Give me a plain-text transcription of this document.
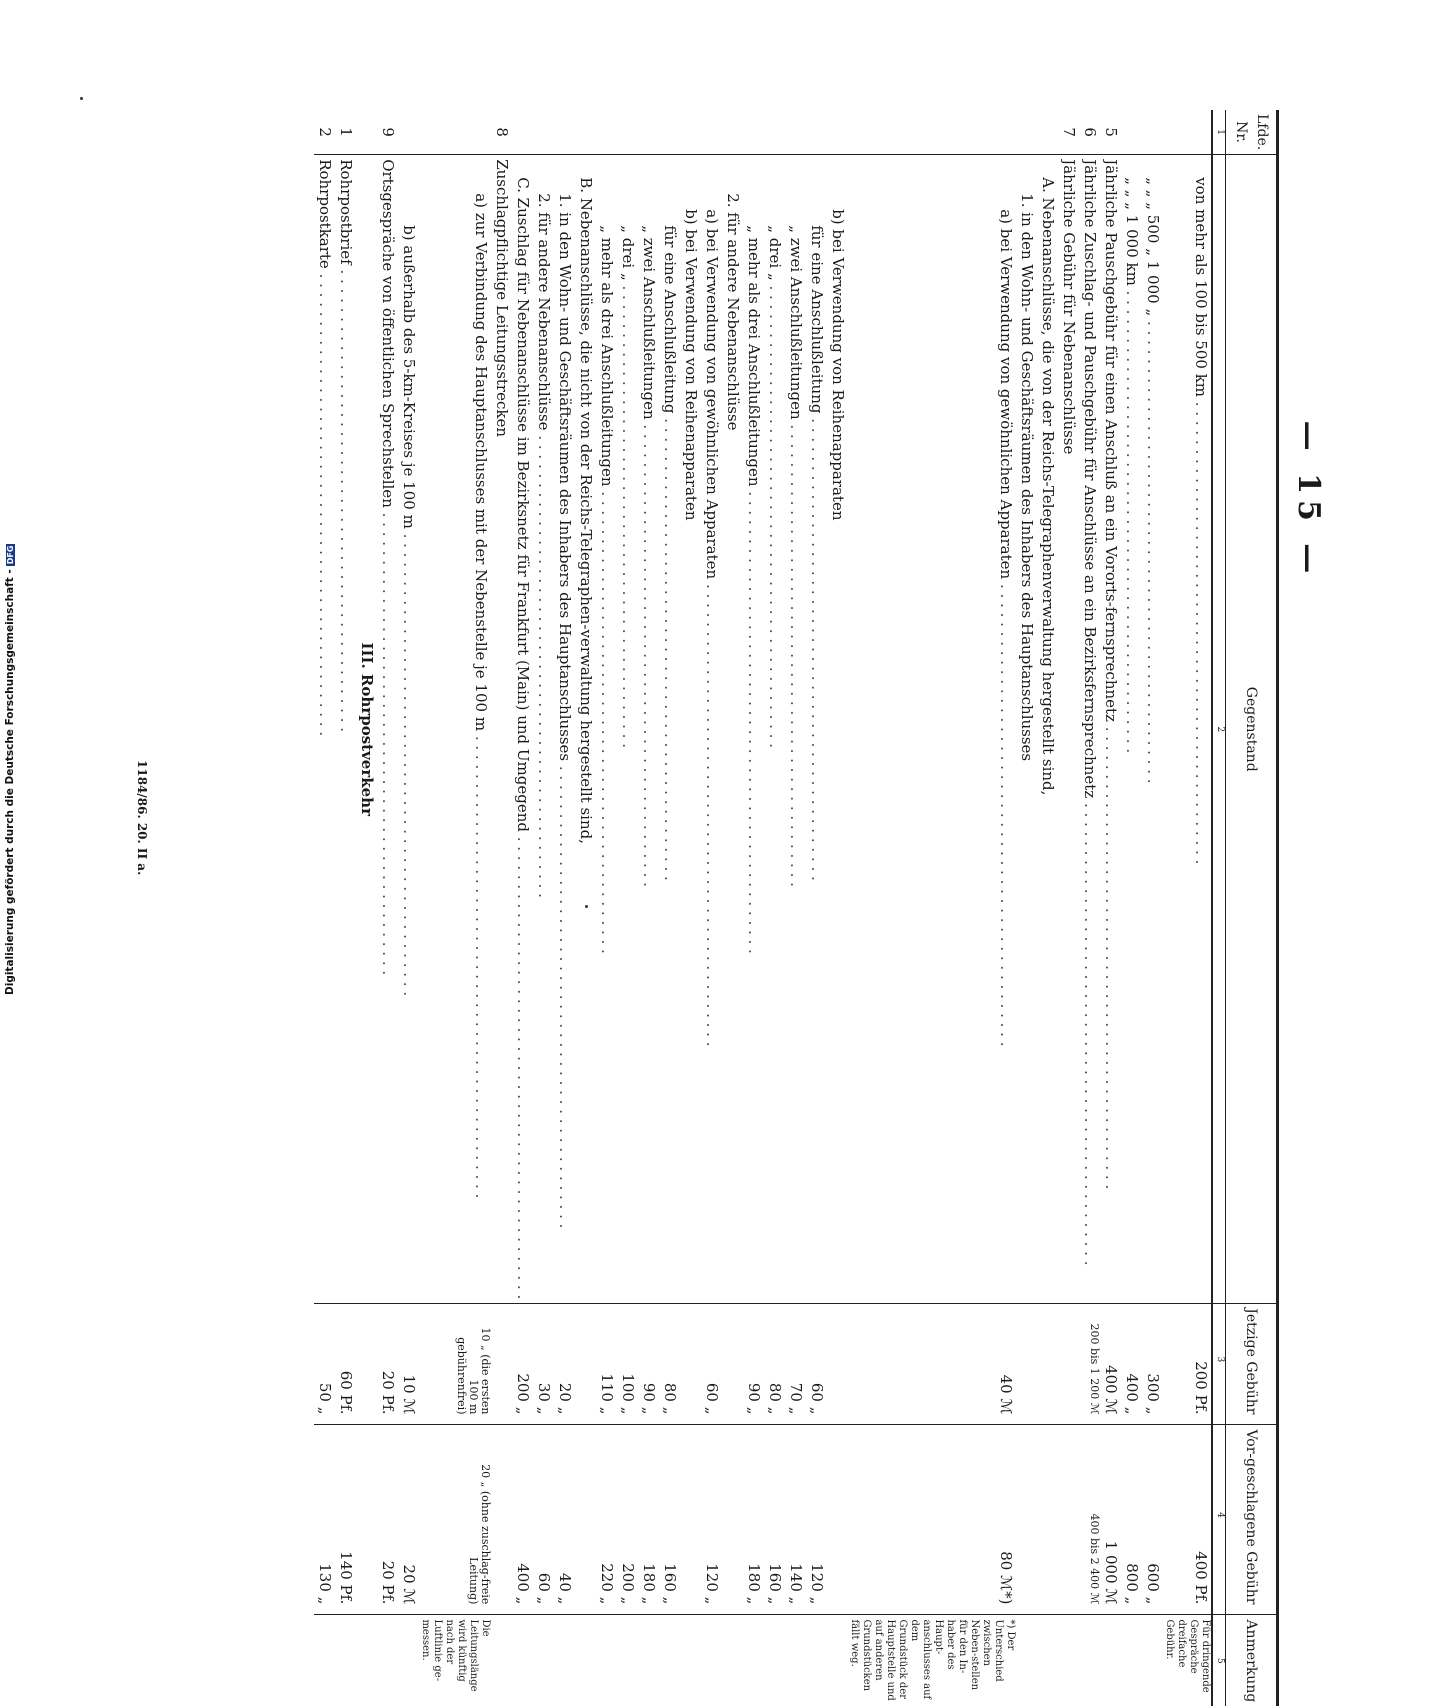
— 15 —
Lfde. Nr.	Gegenstand	Jetzige Gebühr	Vor-geschlagene Gebühr	Anmerkung
1	2	3	4	5

	von mehr als 100 bis 500 km . . .	200 Pf.	400 Pf.	Für dringende Gespräche dreifache Gebühr.

	„ „ „ 500 „ 1 000 „ . . .	300 „	600 „	

	„ „ „ 1 000 km . . .	400 „	800 „	
5	Jährliche Pauschgebühr für einen Anschluß an ein Vororts-fernsprechnetz . . .	400 ℳ	1 000 ℳ	
6	Jährliche Zuschlag- und Pauschgebühr für Anschlüsse an ein Bezirksfernsprechnetz . . .	200 bis 1 200 ℳ	400 bis 2 400 ℳ	
7	Jährliche Gebühr für Nebenanschlüsse			

	A. Nebenanschlüsse, die von der Reichs-Telegraphenverwaltung hergestellt sind,			

	1. in den Wohn- und Geschäftsräumen des Inhabers des Hauptanschlusses			

	a) bei Verwendung von gewöhnlichen Apparaten . . .	40 ℳ	80 ℳ*)	*) Der Unterschied zwischen Neben-stellen für den In-haber des Haupt-anschlusses auf dem Grundstück der Hauptstelle und auf anderen Grundstücken fällt weg.

	b) bei Verwendung von Reihenapparaten			

	für eine Anschlußleitung . . .	60 „	120 „	

	„ zwei Anschlußleitungen . . .	70 „	140 „	

	„ drei „ . . .	80 „	160 „	

	„ mehr als drei Anschlußleitungen . . .	90 „	180 „	

	2. für andere Nebenanschlüsse			

	a) bei Verwendung von gewöhnlichen Apparaten . . .	60 „	120 „	

	b) bei Verwendung von Reihenapparaten			

	für eine Anschlußleitung . . .	80 „	160 „	

	„ zwei Anschlußleitungen . . .	90 „	180 „	

	„ drei „ . . .	100 „	200 „	

	„ mehr als drei Anschlußleitungen . . .	110 „	220 „	

	B. Nebenanschlüsse, die nicht von der Reichs-Telegraphen-verwaltung hergestellt sind,			

	1. in den Wohn- und Geschäftsräumen des Inhabers des Hauptanschlusses . . .	20 „	40 „	

	2. für andere Nebenanschlüsse . . .	30 „	60 „	

	C. Zuschlag für Nebenanschlüsse im Bezirksnetz für Frankfurt (Main) und Umgegend . . .	200 „	400 „	
8	Zuschlagpflichtige Leitungsstrecken			

	a) zur Verbindung des Hauptanschlusses mit der Nebenstelle je 100 m . . .	10 „ (die ersten 100 m gebührenfrei)	20 „ (ohne zuschlag-freie Leitung)	Die Leitungslänge wird künftig nach der Luftlinie ge-messen.

	b) außerhalb des 5-km-Kreises je 100 m . . .	10 ℳ	20 ℳ	
9	Ortsgespräche von öffentlichen Sprechstellen . . .	20 Pf.	20 Pf.	
	III. Rohrpostverkehr			
1	Rohrpostbrief . . .	60 Pf.	140 Pf.	
2	Rohrpostkarte . . .	50 „	130 „	
1184/86. 20. II a.
Digitalisierung gefördert durch die Deutsche Forschungsgemeinschaft -DFG
